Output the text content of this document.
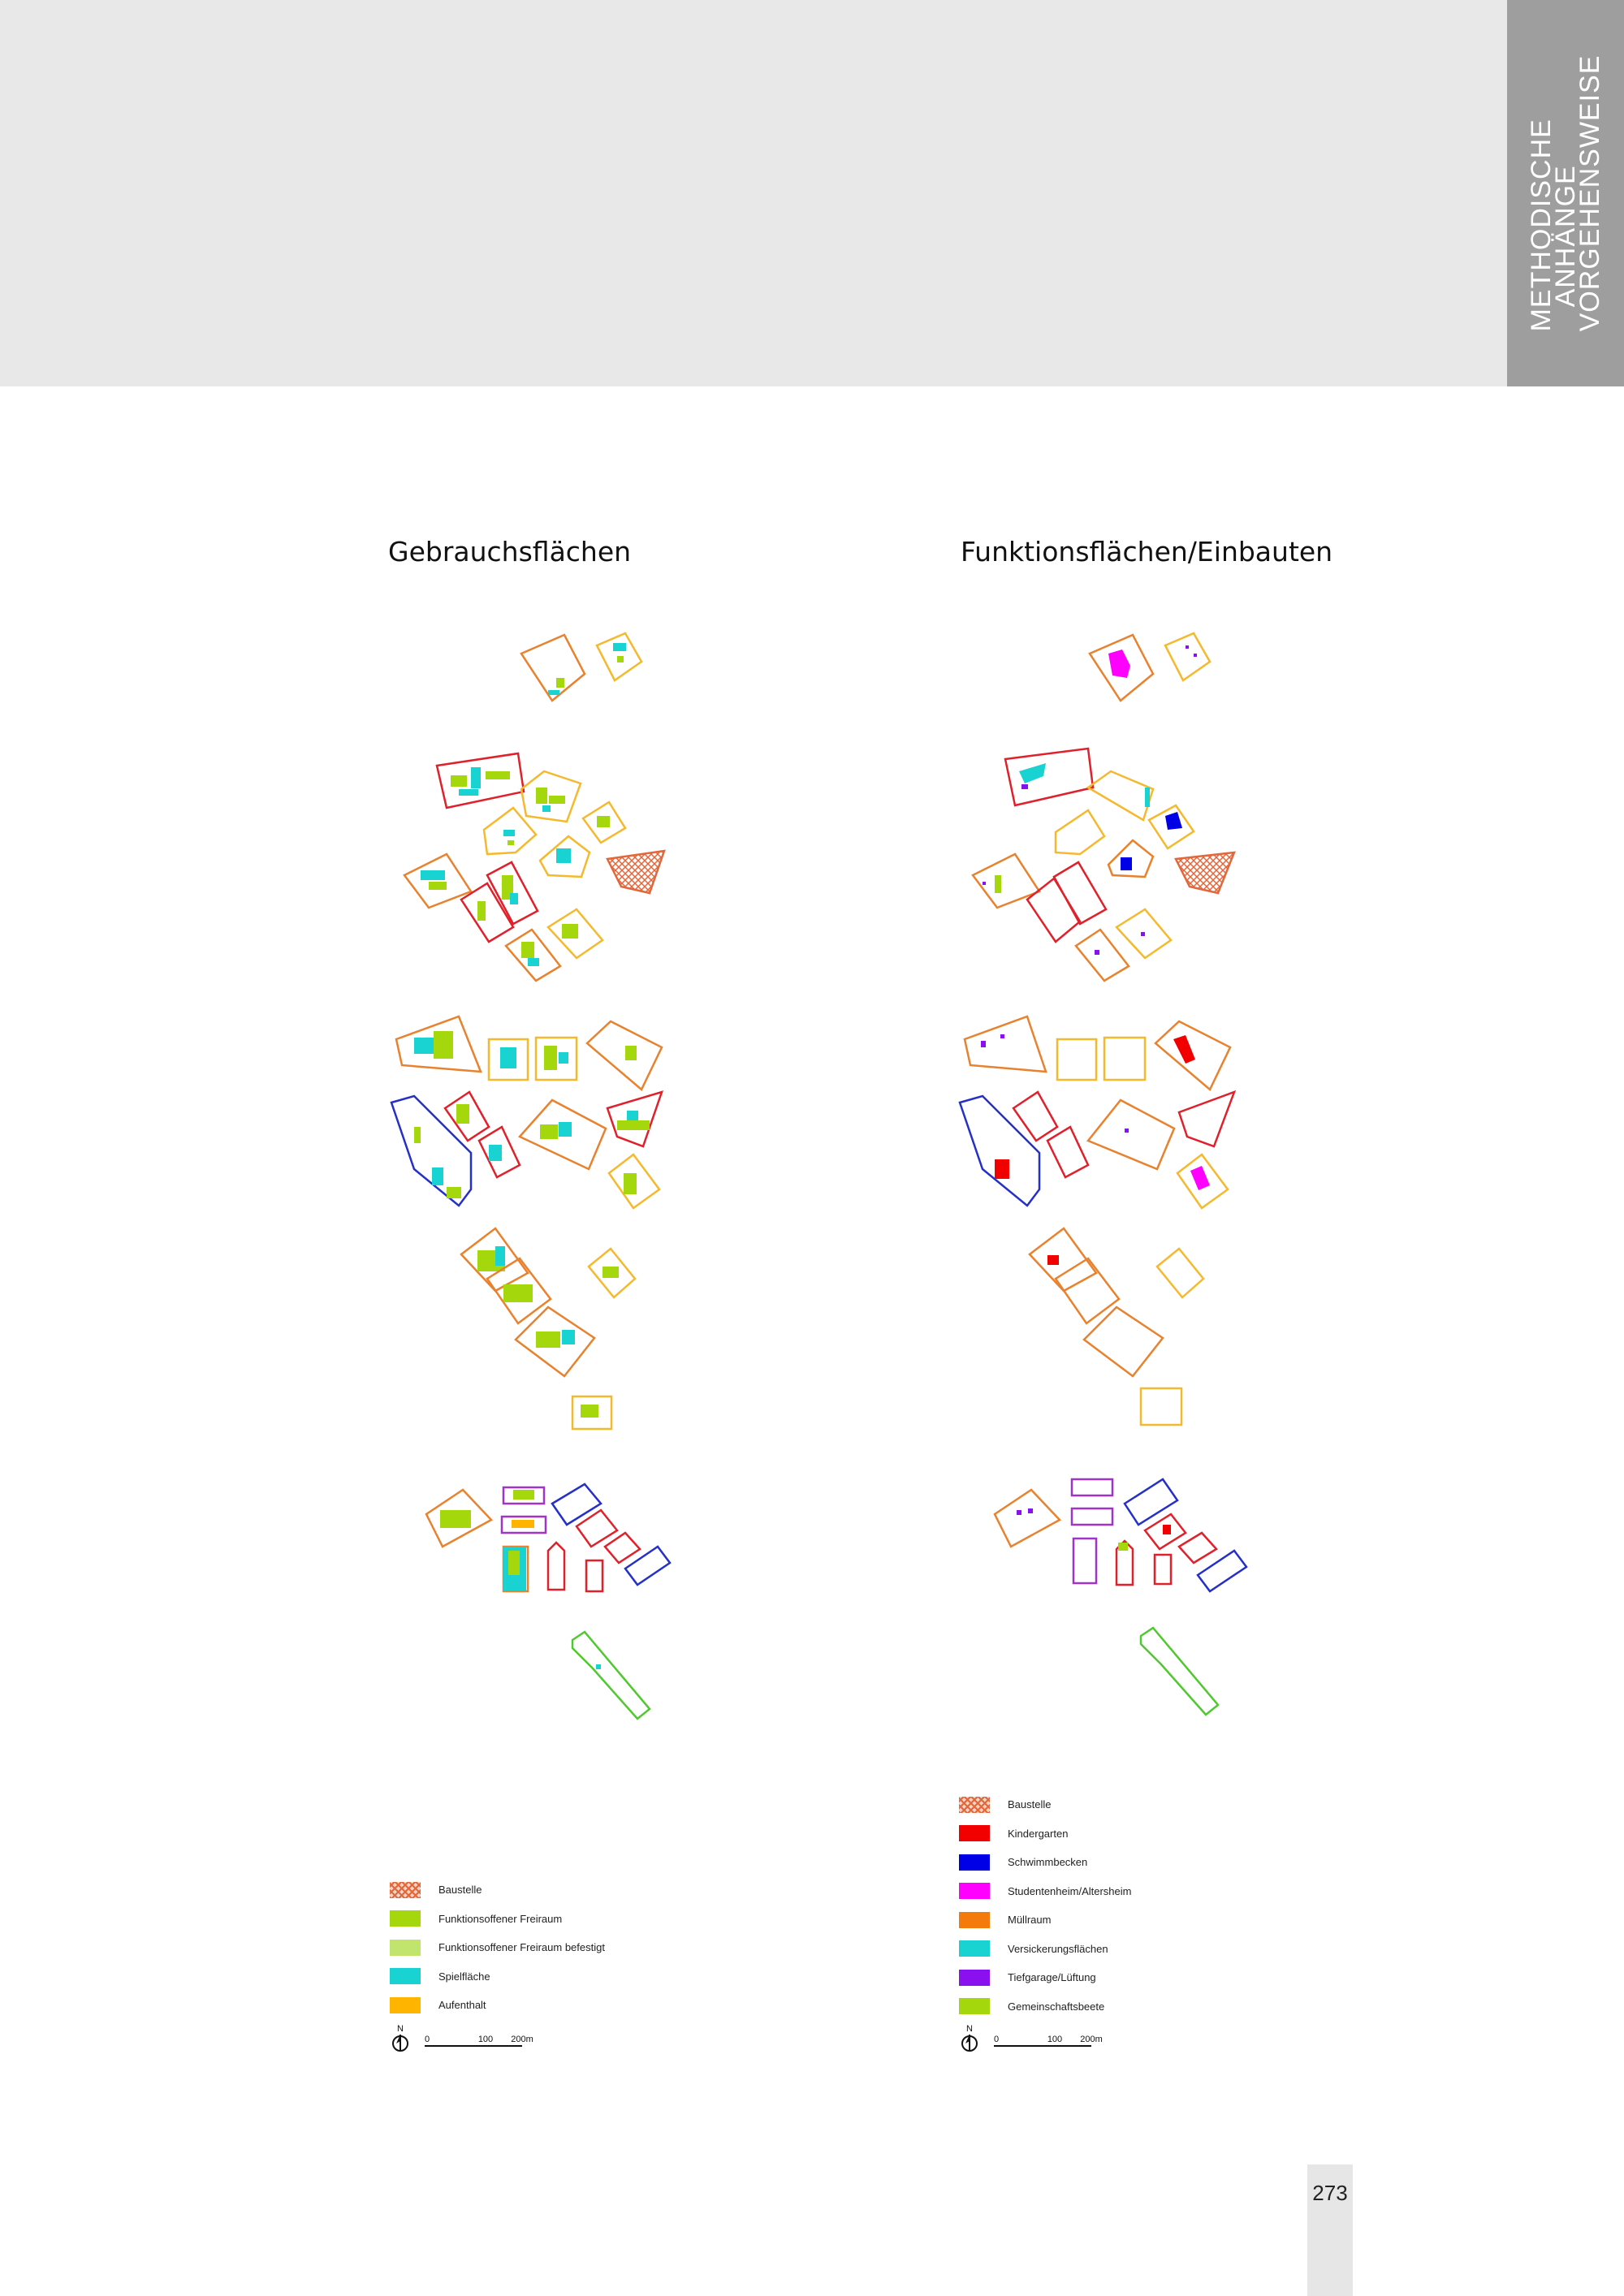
METHODISCHE
ANHÄNGE
VORGEHENSWEISE
Gebrauchsflächen	Funktionsflächen/Einbauten
Baustelle
Funktionsoffener Freiraum
Funktionsoffener Freiraum befestigt
Spielfläche
Aufenthalt
N
0	100 200m
Baustelle
Kindergarten
Schwimmbecken
Studentenheim/Altersheim
Müllraum
Versickerungsflächen
Tiefgarage/Lüftung
Gemeinschaftsbeete
N
0	100 200m
273
